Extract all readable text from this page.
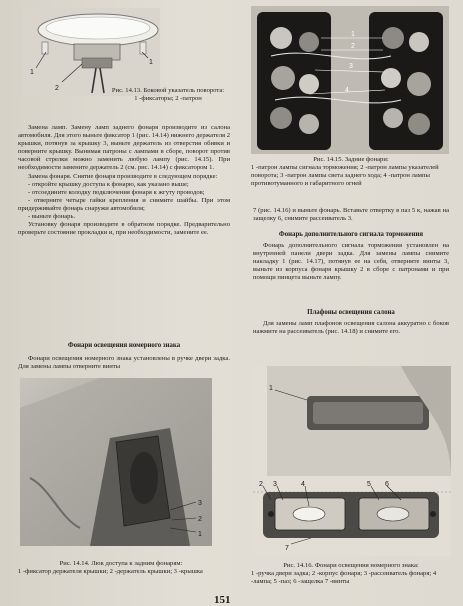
1
2
1
Рис. 14.13. Боковой указатель поворота:
1 -фиксаторы; 2 -патрон
1
2
3
4
Рис. 14.15. Задние фонари:
1 -патрон лампы сигнала торможения; 2 -патрон лампы указателей поворота; 3 -патрон лампы света заднего хода; 4 -патрон лампы противотуманного и габаритного огней

Замена ламп. Замену ламп заднего фонаря производите из салона автомобиля. Для этого выньте фиксатор 1 (рис. 14.14) нижнего держателя 2 крышки, потянув за крышку 3, выньте держатель из отверстия обивки и поверните крышку. Вынимая патроны с лампами в сборе, поворот против часовой стрелки можно заменить любую лампу (рис. 14.15). При необходимости замените держатель 2 (см. рис. 14.14) с фиксатором 1.

Замена фонаря. Снятие фонаря производите в следующем порядке:

- откройте крышку доступа к фонарю, как указано выше;

- отсоедините колодку подключения фонаря к жгуту проводов;

- отверните четыре гайки крепления и снимите шайбы. При этом придерживайте фонарь снаружи автомобиля;

- выньте фонарь.

Установку фонаря производите в обратном порядке. Предварительно проверьте состояние прокладки и, при необходимости, замените ее.

Фонари освещения номерного знака

Фонари освещения номерного знака установлены в ручке двери задка. Для замены лампы отверните винты

7 (рис. 14.16) и выньте фонарь. Вставьте отвертку в паз 5 к, нажав на защелку 6, снимите рассеиватель 3.

Фонарь дополнительного сигнала торможения

Фонарь дополнительного сигнала торможения установлен на внутренней панели двери задка. Для замены лампы снимите накладку 1 (рис. 14.17), потянув ее на себя, отверните винты 3, выньте из корпуса фонаря крышку 2 в сборе с патронами и при помощи пинцета выньте лампу.

Плафоны освещения салона

Для замены ламп плафонов освещения салона аккуратно с боков нажмите на рассеиватель (рис. 14.18) и снимите его.

3
2
1
Рис. 14.14. Люк доступа к задним фонарям:
1 -фиксатор держателя крышки; 2 -держатель крышки; 3 -крышка
1
2 3	4	5 6
7
Рис. 14.16. Фонари освещения номерного знака:
1 -ручка двери задка; 2 -корпус фонаря; 3 -рассеиватель фонаря; 4 -лампа; 5 -паз; 6 -защелка 7 -винты
151
